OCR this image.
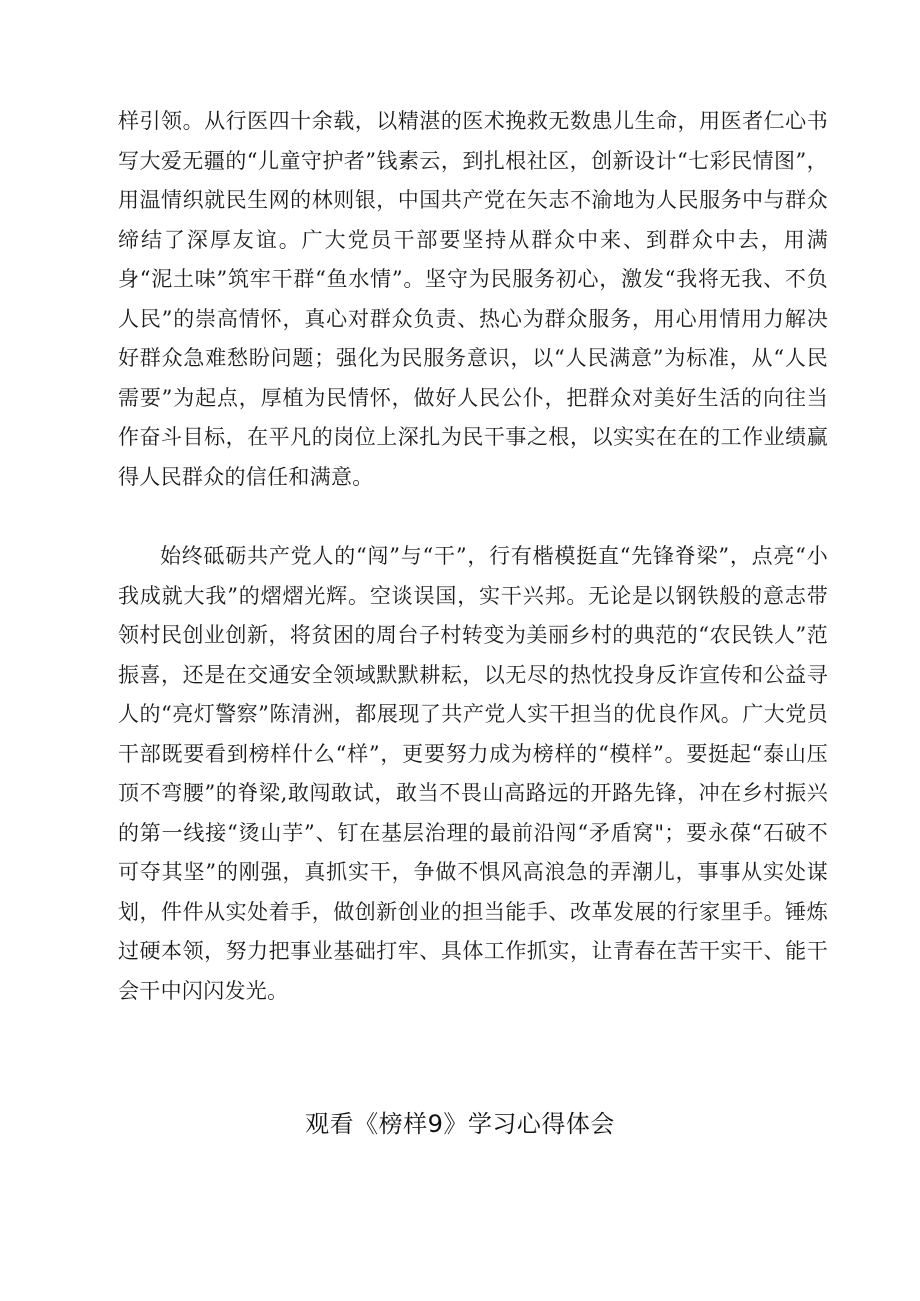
样引领。从行医四十余载，以精湛的医术挽救无数患儿生命，用医者仁心书写大爱无疆的“儿童守护者”钱素云，到扎根社区，创新设计“七彩民情图”，用温情织就民生网的林则银，中国共产党在矢志不渝地为人民服务中与群众缔结了深厚友谊。广大党员干部要坚持从群众中来、到群众中去，用满身“泥土味”筑牢干群“鱼水情”。坚守为民服务初心，激发“我将无我、不负人民”的崇高情怀，真心对群众负责、热心为群众服务，用心用情用力解决好群众急难愁盼问题；强化为民服务意识，以“人民满意”为标准，从“人民需要”为起点，厚植为民情怀，做好人民公仆，把群众对美好生活的向往当作奋斗目标，在平凡的岗位上深扎为民干事之根，以实实在在的工作业绩赢得人民群众的信任和满意。

始终砥砺共产党人的“闯”与“干”，行有楷模挺直“先锋脊梁”，点亮“小我成就大我”的熠熠光辉。空谈误国，实干兴邦。无论是以钢铁般的意志带领村民创业创新，将贫困的周台子村转变为美丽乡村的典范的“农民铁人”范振喜，还是在交通安全领域默默耕耘，以无尽的热忱投身反诈宣传和公益寻人的“亮灯警察”陈清洲，都展现了共产党人实干担当的优良作风。广大党员干部既要看到榜样什么“样”，更要努力成为榜样的“模样”。要挺起“泰山压顶不弯腰”的脊梁,敢闯敢试，敢当不畏山高路远的开路先锋，冲在乡村振兴的第一线接“烫山芋”、钉在基层治理的最前沿闯“矛盾窝"；要永葆“石破不可夺其坚”的刚强，真抓实干，争做不惧风高浪急的弄潮儿，事事从实处谋划，件件从实处着手，做创新创业的担当能手、改革发展的行家里手。锤炼过硬本领，努力把事业基础打牢、具体工作抓实，让青春在苦干实干、能干会干中闪闪发光。

观看《榜样9》学习心得体会
